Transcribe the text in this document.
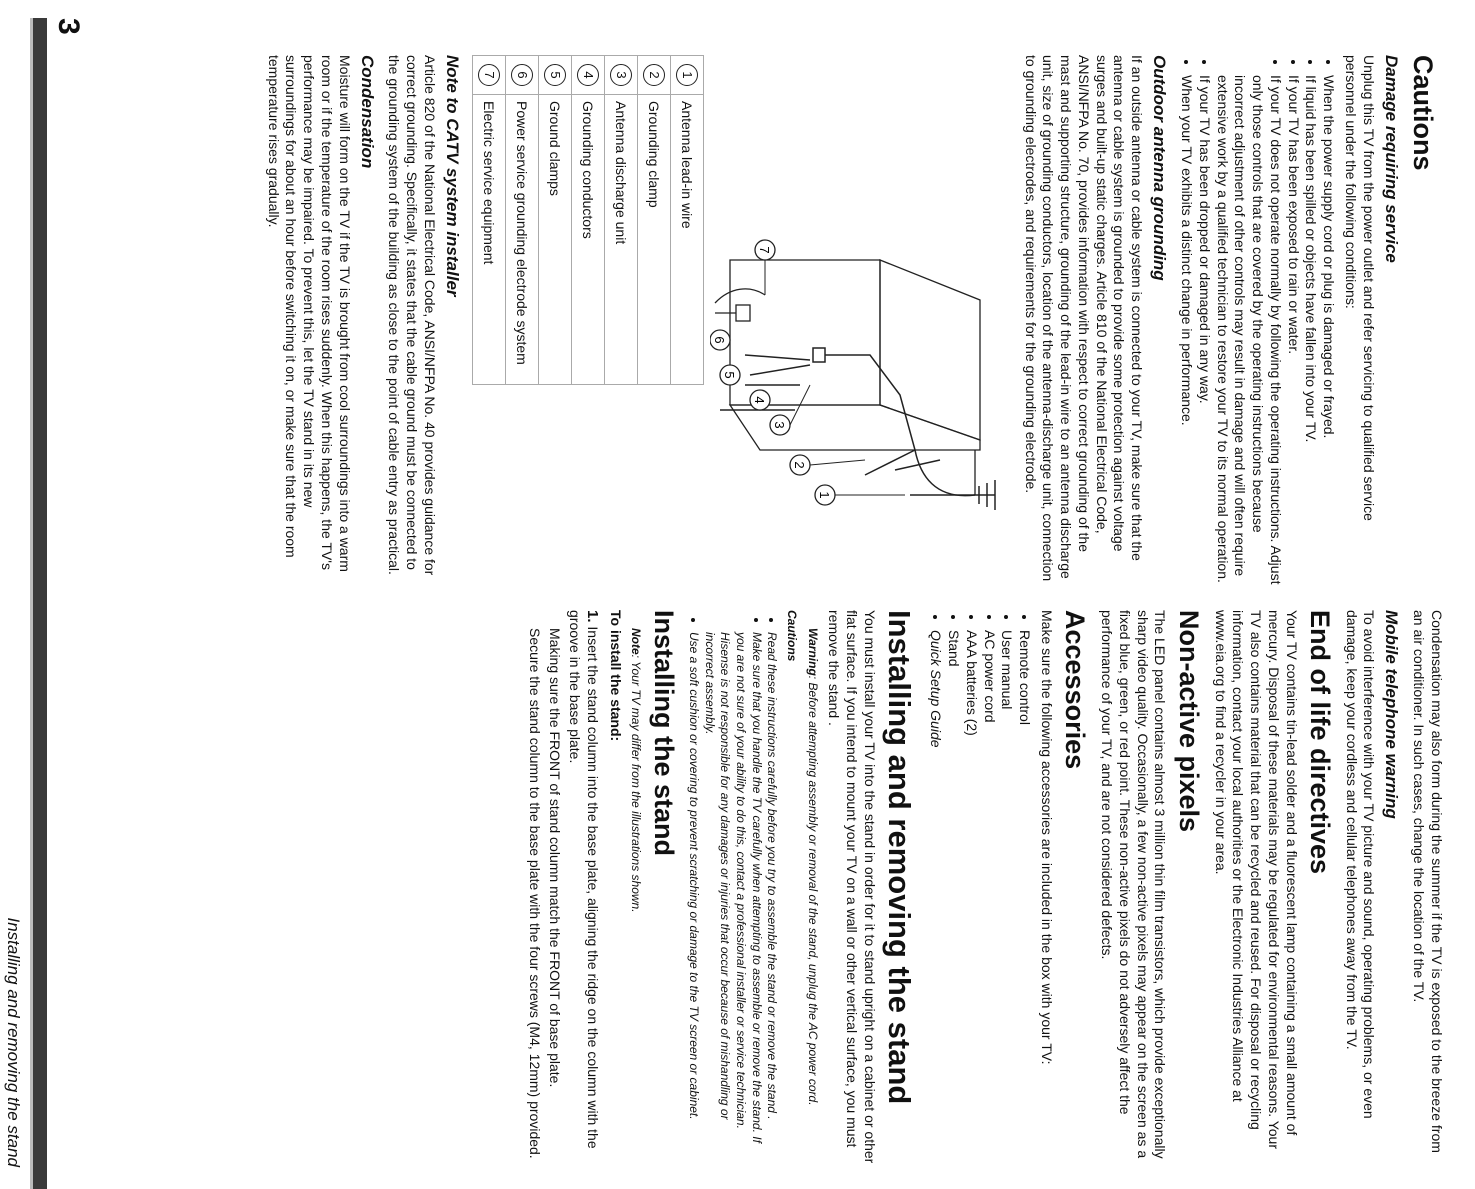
3
Installing and removing the stand
Cautions
Damage requiring service

Unplug this TV from the power outlet and refer servicing to qualified service personnel under the following conditions:

• When the power supply cord or plug is damaged or frayed.
• If liquid has been spilled or objects have fallen into your TV.
• If your TV has been exposed to rain or water.
• If your TV does not operate normally by following the operating instructions. Adjust only those controls that are covered by the operating instructions because incorrect adjustment of other controls may result in damage and will often require extensive work by a qualified technician to restore your TV to its normal operation.
• If your TV has been dropped or damaged in any way.
• When your TV exhibits a distinct change in performance.
Outdoor antenna grounding

If an outside antenna or cable system is connected to your TV, make sure that the antenna or cable system is grounded to provide some protection against voltage surges and built-up static charges. Article 810 of the National Electrical Code, ANSI/NFPA No. 70, provides information with respect to correct grounding of the mast and supporting structure, grounding of the lead-in wire to an antenna discharge unit, size of grounding conductors, location of the antenna-discharge unit, connection to grounding electrodes, and requirements for the grounding electrode.

1
2
3
4
5
6
7
1	Antenna lead-in wire
2	Grounding clamp
3	Antenna discharge unit
4	Grounding conductors
5	Ground clamps
6	Power service grounding electrode system
7	Electric service equipment
Note to CATV system installer

Article 820 of the National Electrical Code, ANSI/NFPA No. 40 provides guidance for correct grounding. Specifically, it states that the cable ground must be connected to the grounding system of the building as close to the point of cable entry as practical.

Condensation

Moisture will form on the TV if the TV is brought from cool surroundings into a warm room or if the temperature of the room rises suddenly. When this happens, the TV's performance may be impaired. To prevent this, let the TV stand in its new surroundings for about an hour before switching it on, or make sure that the room temperature rises gradually.

Condensation may also form during the summer if the TV is exposed to the breeze from an air conditioner. In such cases, change the location of the TV.

Mobile telephone warning

To avoid interference with your TV picture and sound, operating problems, or even damage, keep your cordless and cellular telephones away from the TV.

End of life directives

Your TV contains tin-lead solder and a fluorescent lamp containing a small amount of mercury. Disposal of these materials may be regulated for environmental reasons. Your TV also contains material that can be recycled and reused. For disposal or recycling information, contact your local authorities or the Electronic Industries Alliance at www.eia.org to find a recycler in your area.

Non-active pixels

The LED panel contains almost 3 million thin film transistors, which provide exceptionally sharp video quality. Occasionally, a few non-active pixels may appear on the screen as a fixed blue, green, or red point. These non-active pixels do not adversely affect the performance of your TV, and are not considered defects.

Accessories

Make sure the following accessories are included in the box with your TV:

• Remote control
• User manual
• AC power cord
• AAA batteries (2)
• Stand
• Quick Setup Guide
Installing and removing the stand

You must install your TV into the stand in order for it to stand upright on a cabinet or other flat surface. If you intend to mount your TV on a wall or other vertical surface, you must remove the stand .

Warning: Before attempting assembly or removal of the stand, unplug the AC power cord.

Cautions

• Read these instructions carefully before you try to assemble the stand or remove the stand .
• Make sure that you handle the TV carefully when attempting to assemble or remove the stand. If you are not sure of your ability to do this, contact a professional installer or service technician. Hisense is not responsible for any damages or injuries that occur because of mishandling or incorrect assembly.
• Use a soft cushion or covering to prevent scratching or damage to the TV screen or cabinet.
Installing the stand

Note: Your TV may differ from the illustrations shown.

To install the stand:

1. Insert the stand column into the base plate, aligning the ridge on the column with the groove in the base plate.

Making sure the FRONT of stand column match the FRONT of base plate.

Secure the stand column to the base plate with the four screws (M4, 12mm) provided.
